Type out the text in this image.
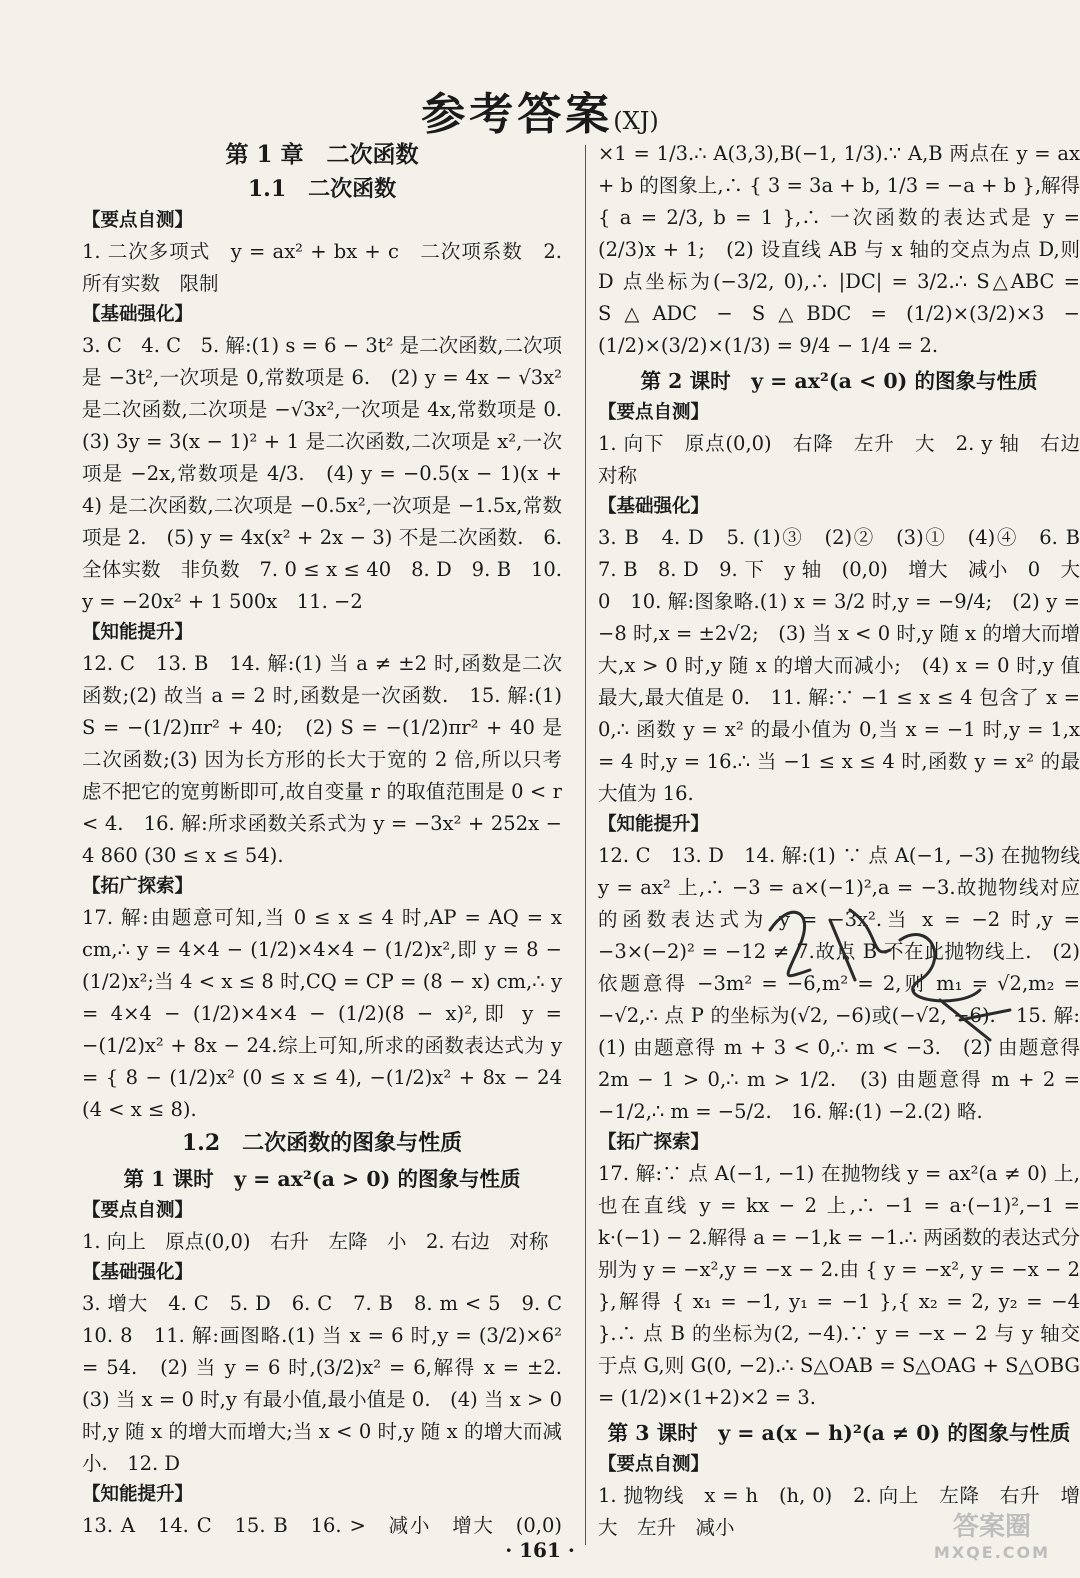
参考答案(XJ)

第 1 章　二次函数

1.1　二次函数

【要点自测】

1. 二次多项式　y = ax² + bx + c　二次项系数　2. 所有实数　限制

【基础强化】

3. C　4. C　5. 解:(1) s = 6 − 3t² 是二次函数,二次项是 −3t²,一次项是 0,常数项是 6.　(2) y = 4x − √3x² 是二次函数,二次项是 −√3x²,一次项是 4x,常数项是 0.　(3) 3y = 3(x − 1)² + 1 是二次函数,二次项是 x²,一次项是 −2x,常数项是 4/3.　(4) y = −0.5(x − 1)(x + 4) 是二次函数,二次项是 −0.5x²,一次项是 −1.5x,常数项是 2.　(5) y = 4x(x² + 2x − 3) 不是二次函数.　6. 全体实数　非负数　7. 0 ≤ x ≤ 40　8. D　9. B　10. y = −20x² + 1 500x　11. −2

【知能提升】

12. C　13. B　14. 解:(1) 当 a ≠ ±2 时,函数是二次函数;(2) 故当 a = 2 时,函数是一次函数.　15. 解:(1) S = −(1/2)πr² + 40;　(2) S = −(1/2)πr² + 40 是二次函数;(3) 因为长方形的长大于宽的 2 倍,所以只考虑不把它的宽剪断即可,故自变量 r 的取值范围是 0 < r < 4.　16. 解:所求函数关系式为 y = −3x² + 252x − 4 860 (30 ≤ x ≤ 54).

【拓广探索】

17. 解:由题意可知,当 0 ≤ x ≤ 4 时,AP = AQ = x cm,∴ y = 4×4 − (1/2)×4×4 − (1/2)x²,即 y = 8 − (1/2)x²;当 4 < x ≤ 8 时,CQ = CP = (8 − x) cm,∴ y = 4×4 − (1/2)×4×4 − (1/2)(8 − x)²,即 y = −(1/2)x² + 8x − 24.综上可知,所求的函数表达式为 y = { 8 − (1/2)x² (0 ≤ x ≤ 4), −(1/2)x² + 8x − 24 (4 < x ≤ 8).

1.2　二次函数的图象与性质

第 1 课时　y = ax²(a > 0) 的图象与性质

【要点自测】

1. 向上　原点(0,0)　右升　左降　小　2. 右边　对称

【基础强化】

3. 增大　4. C　5. D　6. C　7. B　8. m < 5　9. C　10. 8　11. 解:画图略.(1) 当 x = 6 时,y = (3/2)×6² = 54.　(2) 当 y = 6 时,(3/2)x² = 6,解得 x = ±2.　(3) 当 x = 0 时,y 有最小值,最小值是 0.　(4) 当 x > 0 时,y 随 x 的增大而增大;当 x < 0 时,y 随 x 的增大而减小.　12. D

【知能提升】

13. A　14. C　15. B　16. >　减小　增大　(0,0)　　　　　 　

×1 = 1/3.∴ A(3,3),B(−1, 1/3).∵ A,B 两点在 y = ax + b 的图象上,∴ { 3 = 3a + b, 1/3 = −a + b },解得 { a = 2/3, b = 1 },∴ 一次函数的表达式是 y = (2/3)x + 1;　(2) 设直线 AB 与 x 轴的交点为点 D,则 D 点坐标为(−3/2, 0),∴ |DC| = 3/2.∴ S△ABC = S△ADC − S△BDC = (1/2)×(3/2)×3 − (1/2)×(3/2)×(1/3) = 9/4 − 1/4 = 2.

第 2 课时　y = ax²(a < 0) 的图象与性质

【要点自测】

1. 向下　原点(0,0)　右降　左升　大　2. y 轴　右边　对称

【基础强化】

3. B　4. D　5. (1)③　(2)②　(3)①　(4)④　6. B　7. B　8. D　9. 下　y 轴　(0,0)　增大　减小　0　大　0　10. 解:图象略.(1) x = 3/2 时,y = −9/4;　(2) y = −8 时,x = ±2√2;　(3) 当 x < 0 时,y 随 x 的增大而增大,x > 0 时,y 随 x 的增大而减小;　(4) x = 0 时,y 值最大,最大值是 0.　11. 解:∵ −1 ≤ x ≤ 4 包含了 x = 0,∴ 函数 y = x² 的最小值为 0,当 x = −1 时,y = 1,x = 4 时,y = 16.∴ 当 −1 ≤ x ≤ 4 时,函数 y = x² 的最大值为 16.

【知能提升】

12. C　13. D　14. 解:(1) ∵ 点 A(−1, −3) 在抛物线 y = ax² 上,∴ −3 = a×(−1)²,a = −3.故抛物线对应的函数表达式为 y = −3x².当 x = −2 时,y = −3×(−2)² = −12 ≠ 7.故点 B 不在此抛物线上.　(2) 依题意得 −3m² = −6,m² = 2,则 m₁ = √2,m₂ = −√2,∴ 点 P 的坐标为(√2, −6)或(−√2, −6).　15. 解:(1) 由题意得 m + 3 < 0,∴ m < −3.　(2) 由题意得 2m − 1 > 0,∴ m > 1/2.　(3) 由题意得 m + 2 = −1/2,∴ m = −5/2.　16. 解:(1) −2.(2) 略.

【拓广探索】

17. 解:∵ 点 A(−1, −1) 在抛物线 y = ax²(a ≠ 0) 上,也在直线 y = kx − 2 上,∴ −1 = a·(−1)²,−1 = k·(−1) − 2.解得 a = −1,k = −1.∴ 两函数的表达式分别为 y = −x²,y = −x − 2.由 { y = −x², y = −x − 2 },解得 { x₁ = −1, y₁ = −1 },{ x₂ = 2, y₂ = −4 }.∴ 点 B 的坐标为(2, −4).∵ y = −x − 2 与 y 轴交于点 G,则 G(0, −2).∴ S△OAB = S△OAG + S△OBG = (1/2)×(1+2)×2 = 3.

第 3 课时　y = a(x − h)²(a ≠ 0) 的图象与性质

【要点自测】

1. 抛物线　x = h　(h, 0)　2. 向上　左降　右升　增大　左升　减小

· 161 ·
答案圈
MXQE.COM
